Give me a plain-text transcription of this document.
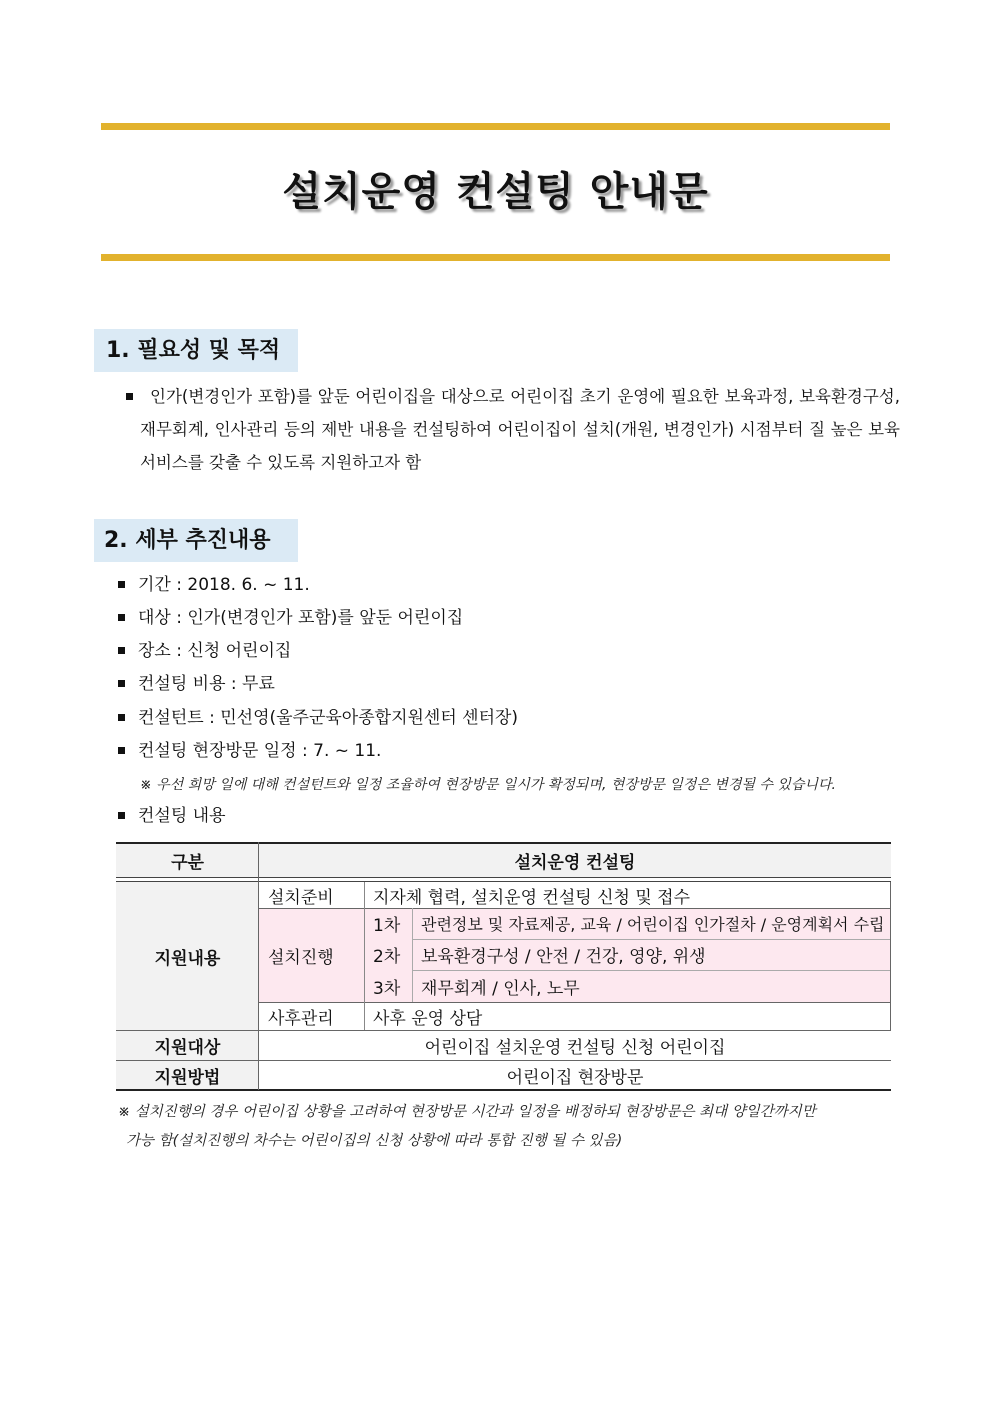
설치운영 컨설팅 안내문
1. 필요성 및 목적
인가(변경인가 포함)를 앞둔 어린이집을 대상으로 어린이집 초기 운영에 필요한 보육과정, 보육환경구성, 재무회계, 인사관리 등의 제반 내용을 컨설팅하여 어린이집이 설치(개원, 변경인가) 시점부터 질 높은 보육서비스를 갖출 수 있도록 지원하고자 함
2. 세부 추진내용
기간 : 2018. 6. ~ 11.
대상 : 인가(변경인가 포함)를 앞둔 어린이집
장소 : 신청 어린이집
컨설팅 비용 : 무료
컨설턴트 : 민선영(울주군육아종합지원센터 센터장)
컨설팅 현장방문 일정 : 7. ~ 11.
※ 우선 희망 일에 대해 컨설턴트와 일정 조율하여 현장방문 일시가 확정되며, 현장방문 일정은 변경될 수 있습니다.
컨설팅 내용
구분	설치운영 컨설팅
지원내용
설치준비	지자체 협력, 설치운영 컨설팅 신청 및 접수
설치진행
1차	관련정보 및 자료제공, 교육 / 어린이집 인가절차 / 운영계획서 수립
2차	보육환경구성 / 안전 / 건강, 영양, 위생
3차	재무회계 / 인사, 노무
사후관리	사후 운영 상담
지원대상	어린이집 설치운영 컨설팅 신청 어린이집
지원방법	어린이집 현장방문
※ 설치진행의 경우 어린이집 상황을 고려하여 현장방문 시간과 일정을 배정하되 현장방문은 최대 양일간까지만
가능 함(설치진행의 차수는 어린이집의 신청 상황에 따라 통합 진행 될 수 있음)
